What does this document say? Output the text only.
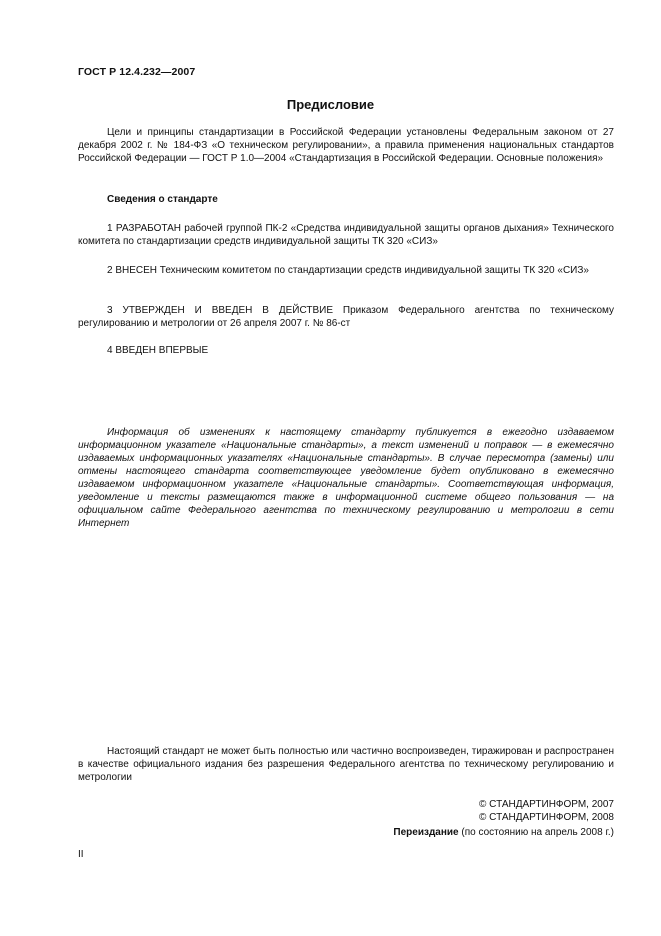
ГОСТ Р 12.4.232—2007
Предисловие

Цели и принципы стандартизации в Российской Федерации установлены Федеральным законом от 27 декабря 2002 г. № 184-ФЗ «О техническом регулировании», а правила применения национальных стандартов Российской Федерации — ГОСТ Р 1.0—2004 «Стандартизация в Российской Федерации. Основные положения»

Сведения о стандарте

1 РАЗРАБОТАН рабочей группой ПК-2 «Средства индивидуальной защиты органов дыхания» Технического комитета по стандартизации средств индивидуальной защиты ТК 320 «СИЗ»

2 ВНЕСЕН Техническим комитетом по стандартизации средств индивидуальной защиты ТК 320 «СИЗ»

3 УТВЕРЖДЕН И ВВЕДЕН В ДЕЙСТВИЕ Приказом Федерального агентства по техническому регулированию и метрологии от 26 апреля 2007 г. № 86-ст

4 ВВЕДЕН ВПЕРВЫЕ

Информация об изменениях к настоящему стандарту публикуется в ежегодно издаваемом информационном указателе «Национальные стандарты», а текст изменений и поправок — в ежемесячно издаваемых информационных указателях «Национальные стандарты». В случае пересмотра (замены) или отмены настоящего стандарта соответствующее уведомление будет опубликовано в ежемесячно издаваемом информационном указателе «Национальные стандарты». Соответствующая информация, уведомление и тексты размещаются также в информационной системе общего пользования — на официальном сайте Федерального агентства по техническому регулированию и метрологии в сети Интернет

Настоящий стандарт не может быть полностью или частично воспроизведен, тиражирован и распространен в качестве официального издания без разрешения Федерального агентства по техническому регулированию и метрологии

© СТАНДАРТИНФОРМ, 2007
© СТАНДАРТИНФОРМ, 2008
Переиздание (по состоянию на апрель 2008 г.)
II
